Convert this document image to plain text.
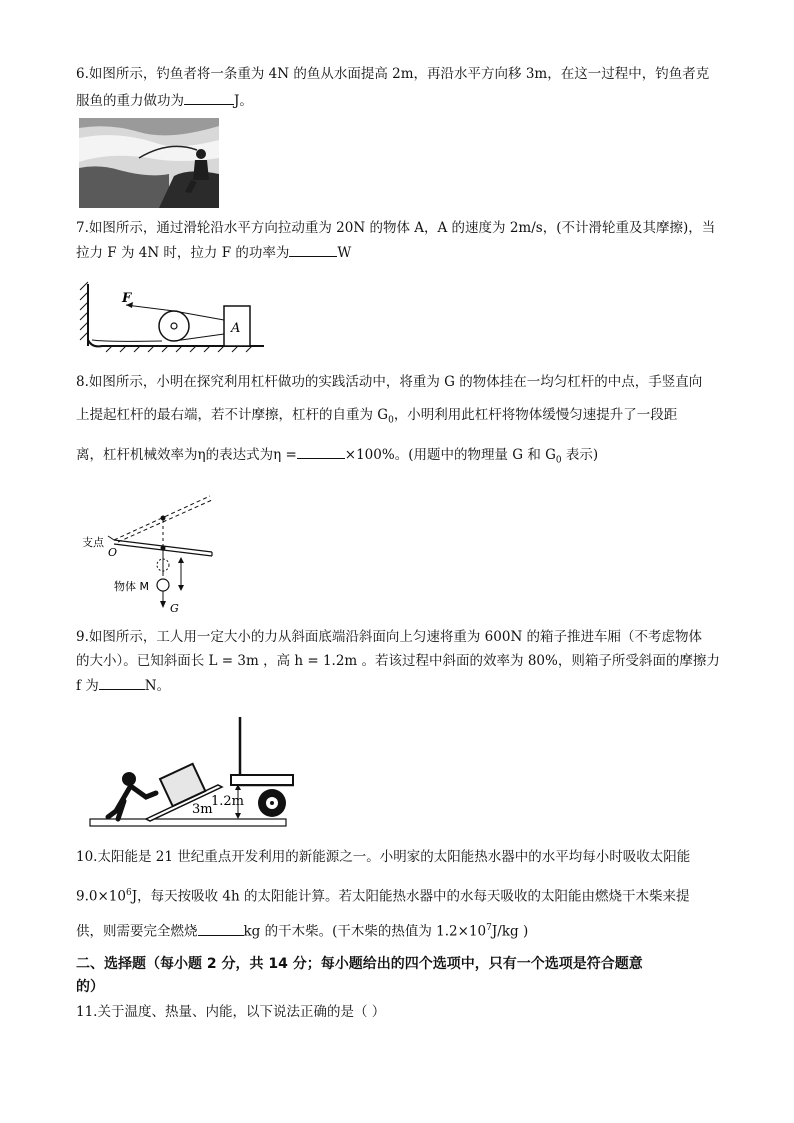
6.如图所示，钓鱼者将一条重为 4N 的鱼从水面提高 2m，再沿水平方向移 3m，在这一过程中，钓鱼者克
服鱼的重力做功为	J。
7.如图所示，通过滑轮沿水平方向拉动重为 20N 的物体 A，A 的速度为 2m/s，(不计滑轮重及其摩擦)，当
拉力 F 为 4N 时，拉力 F 的功率为	W
F
A
8.如图所示，小明在探究利用杠杆做功的实践活动中，将重为 G 的物体挂在一均匀杠杆的中点，手竖直向
上提起杠杆的最右端，若不计摩擦，杠杆的自重为 $G_0$，小明利用此杠杆将物体缓慢匀速提升了一段距
离，杠杆机械效率为η的表达式为η =	×100%。(用题中的物理量 G 和 $G_0$ 表示)
支点
O
物体 M
G
9.如图所示，工人用一定大小的力从斜面底端沿斜面向上匀速将重为 600N 的箱子推进车厢（不考虑物体
的大小）。已知斜面长 L = 3m ，高 h = 1.2m 。若该过程中斜面的效率为 80%，则箱子所受斜面的摩擦力
f 为	N。
3m
1.2m
10.太阳能是 21 世纪重点开发利用的新能源之一。小明家的太阳能热水器中的水平均每小时吸收太阳能
$9.0\times 10^6J$，每天按吸收 4h 的太阳能计算。若太阳能热水器中的水每天吸收的太阳能由燃烧干木柴来提
供，则需要完全燃烧	kg 的干木柴。(干木柴的热值为 $1.2\times 10^7J/kg$ )
二、选择题（每小题 2 分，共 14 分；每小题给出的四个选项中，只有一个选项是符合题意
的）
11.关于温度、热量、内能，以下说法正确的是（ ）
